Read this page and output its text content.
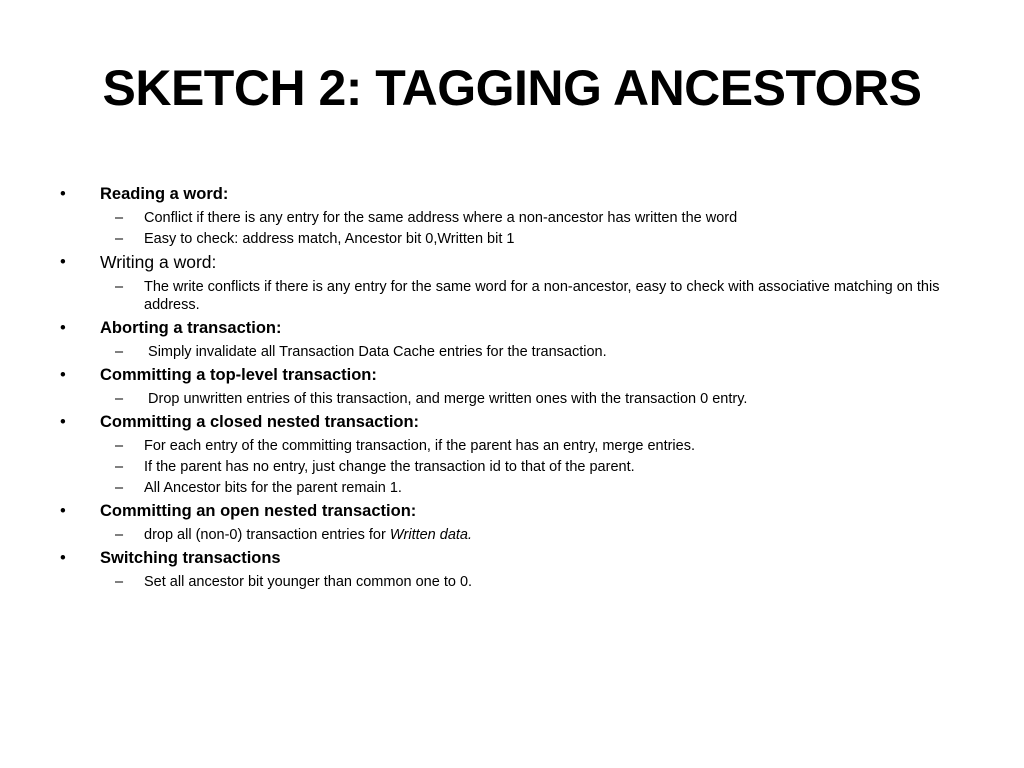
SKETCH 2: TAGGING ANCESTORS
•	Reading a word:
–	Conflict if there is any entry for the same address where a non-ancestor has written the word
–	Easy to check: address match, Ancestor bit 0,Written bit 1
•	Writing a word:
–	The write conflicts if there is any entry for the same word for a non-ancestor, easy to check with associative matching on this address.
•	Aborting a transaction:
–	Simply invalidate all Transaction Data Cache entries for the transaction.
•	Committing a top-level transaction:
–	Drop unwritten entries of this transaction, and merge written ones with the transaction 0 entry.
•	Committing a closed nested transaction:
–	For each entry of the committing transaction, if the parent has an entry, merge entries.
–	If the parent has no entry, just change the transaction id to that of the parent.
–	All Ancestor bits for the parent remain 1.
•	Committing an open nested transaction:
–	drop all (non-0) transaction entries for Written data.
•	Switching transactions
–	Set all ancestor bit younger than common one to 0.
